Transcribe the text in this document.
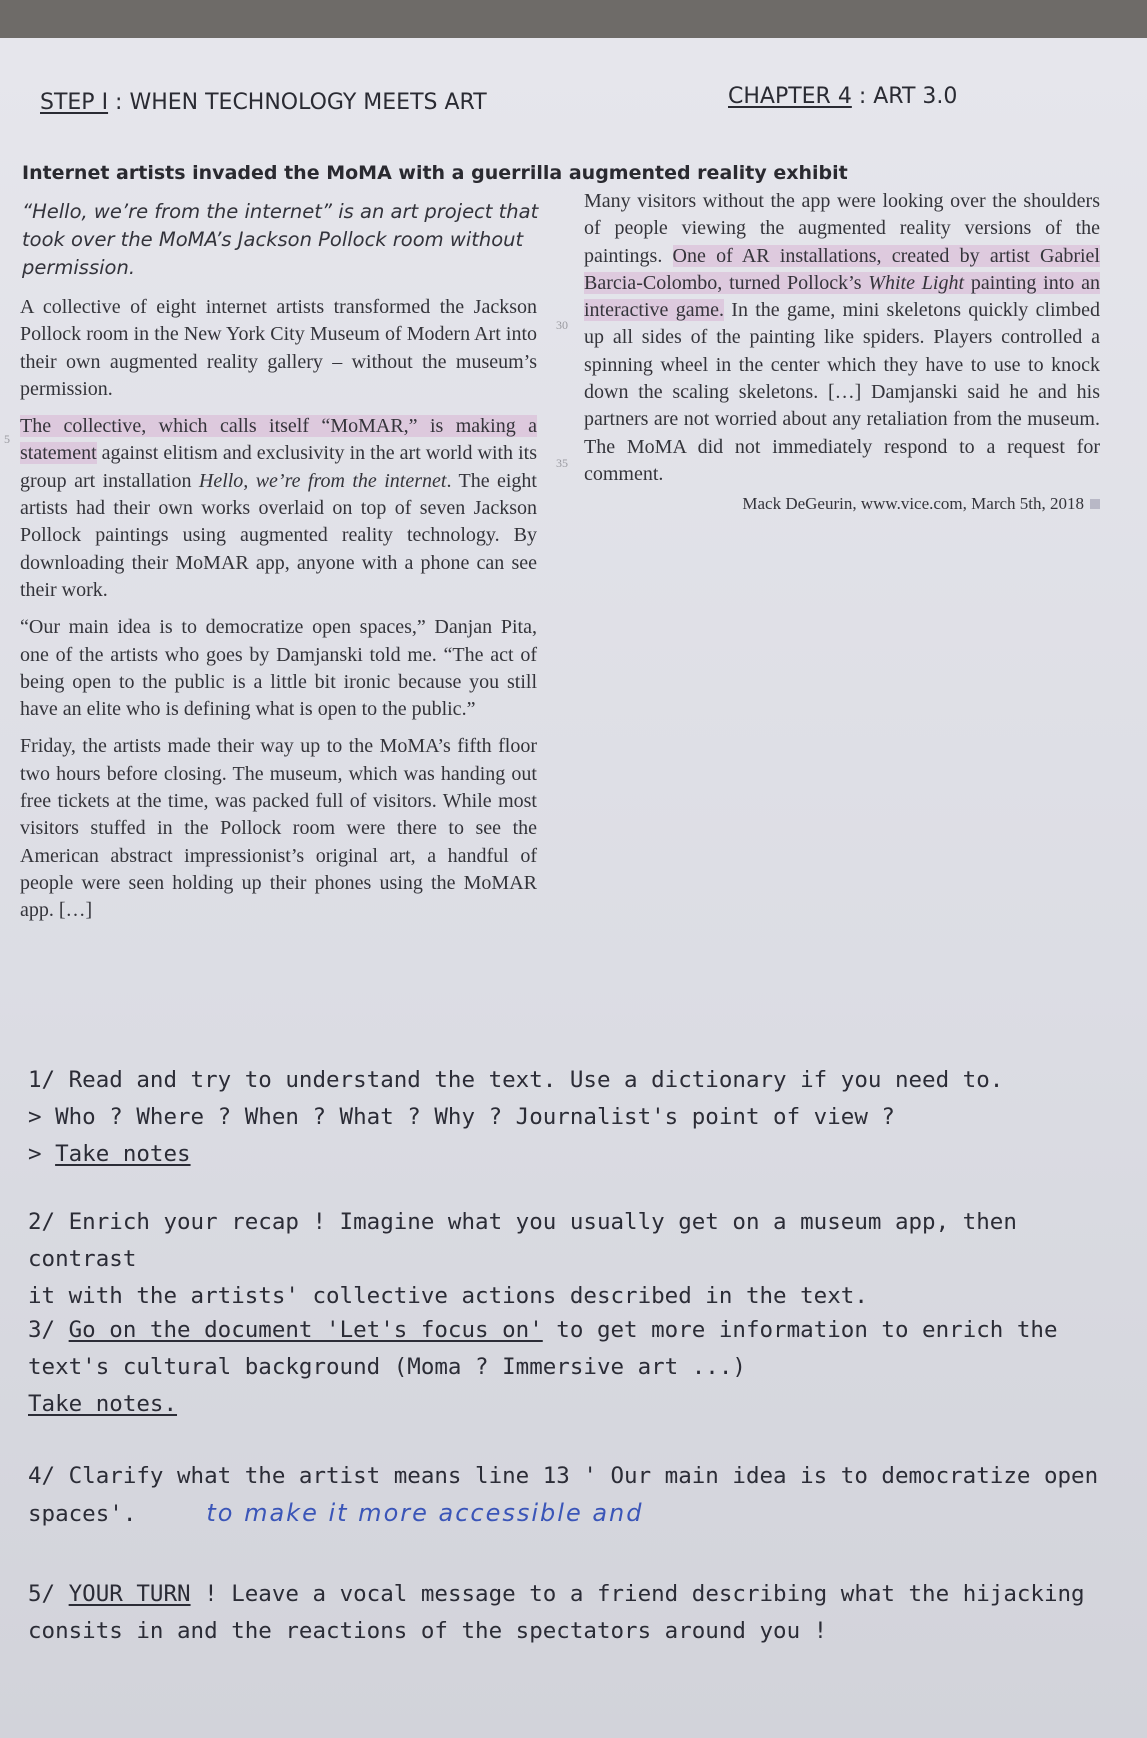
STEP I : WHEN TECHNOLOGY MEETS ART	CHAPTER 4 : ART 3.0
Internet artists invaded the MoMA with a guerrilla augmented reality exhibit
“Hello, we’re from the internet” is an art project that took over the MoMA’s Jackson Pollock room without permission.

A collective of eight internet artists transformed the Jackson Pollock room in the New York City Museum of Modern Art into their own augmented reality gallery – without the museum’s permission.

The collective, which calls itself “MoMAR,” is making a statement against elitism and exclusivity in the art world with its group art installation Hello, we’re from the internet. The eight artists had their own works overlaid on top of seven Jackson Pollock paintings using augmented reality technology. By downloading their MoMAR app, anyone with a phone can see their work.

“Our main idea is to democratize open spaces,” Danjan Pita, one of the artists who goes by Damjanski told me. “The act of being open to the public is a little bit ironic because you still have an elite who is defining what is open to the public.”

Friday, the artists made their way up to the MoMA’s fifth floor two hours before closing. The museum, which was handing out free tickets at the time, was packed full of visitors. While most visitors stuffed in the Pollock room were there to see the American abstract impressionist’s original art, a handful of people were seen holding up their phones using the MoMAR app. […]

5
30
35

Many visitors without the app were looking over the shoulders of people viewing the augmented reality versions of the paintings. One of AR installations, created by artist Gabriel Barcia-Colombo, turned Pollock’s White Light painting into an interactive game. In the game, mini skeletons quickly climbed up all sides of the painting like spiders. Players controlled a spinning wheel in the center which they have to use to knock down the scaling skeletons. […] Damjanski said he and his partners are not worried about any retaliation from the museum. The MoMA did not immediately respond to a request for comment.

Mack DeGeurin, www.vice.com, March 5th, 2018

1/ Read and try to understand the text. Use a dictionary if you need to.

> Who ? Where ? When ? What ? Why ? Journalist's point of view ?

> Take notes

2/ Enrich your recap ! Imagine what you usually get on a museum app, then contrast

it with the artists' collective actions described in the text.

3/ Go on the document 'Let's focus on' to get more information to enrich the

text's cultural background (Moma ? Immersive art ...)

Take notes.

4/ Clarify what the artist means line 13 ' Our main idea is to democratize open

spaces'.	to make it more accessible and

5/ YOUR TURN ! Leave a vocal message to a friend describing what the hijacking

consits in and the reactions of the spectators around you !
